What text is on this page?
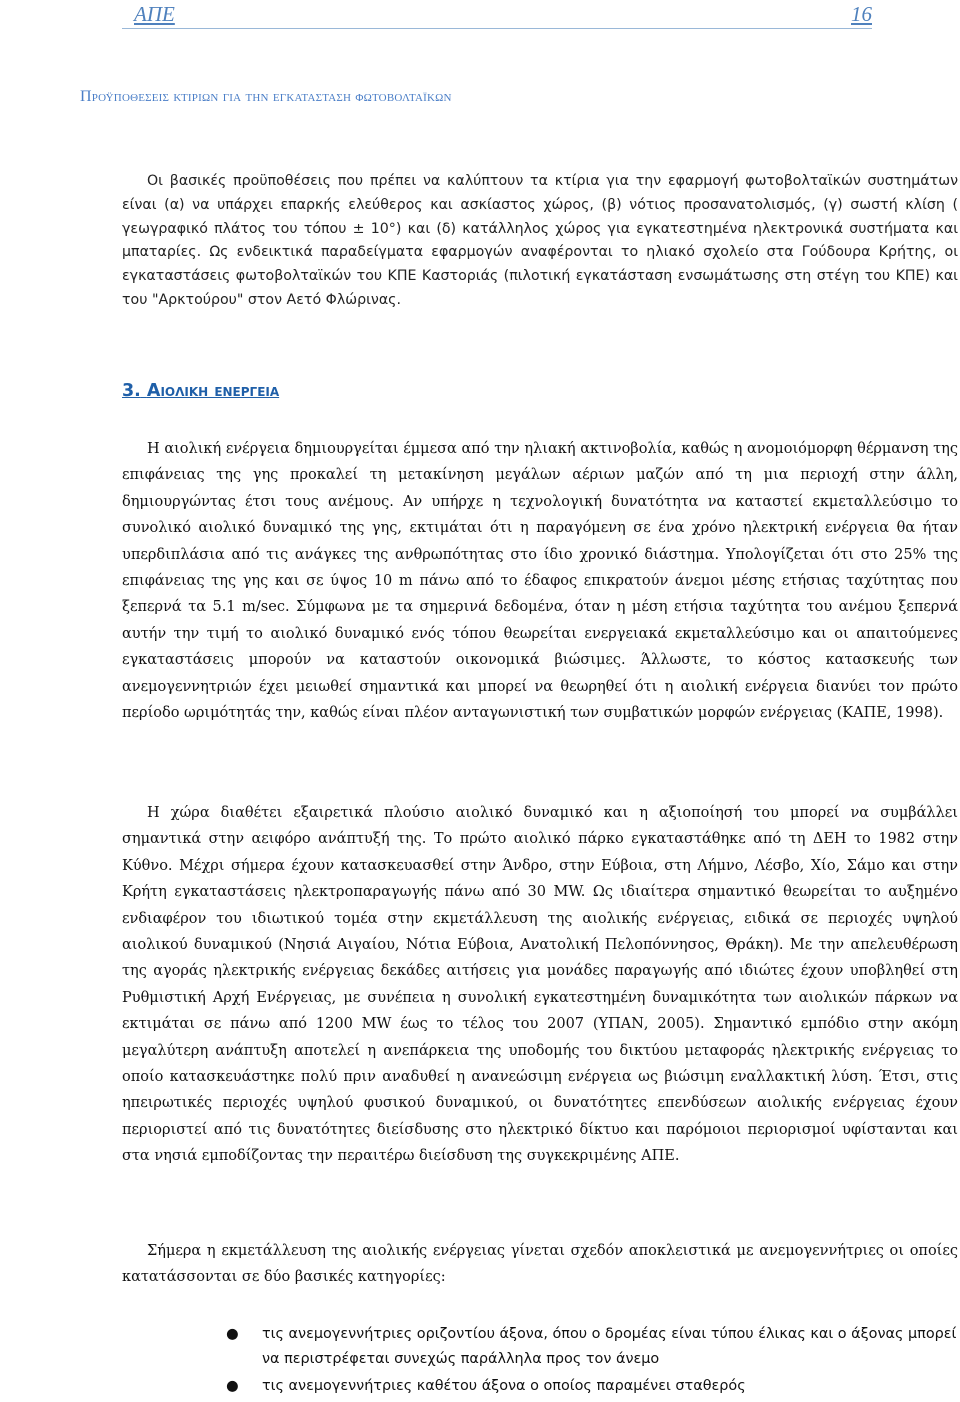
ΑΠΕ	16
Προϋποθεσεισ κτιριων για την εγκατασταση φωτοβολταϊκων

Οι βασικές προϋποθέσεις που πρέπει να καλύπτουν τα κτίρια για την εφαρμογή φωτοβολταϊκών συστημάτων είναι (α) να υπάρχει επαρκής ελεύθερος και ασκίαστος χώρος, (β) νότιος προσανατολισμός, (γ) σωστή κλίση ( γεωγραφικό πλάτος του τόπου ± 10°) και (δ) κατάλληλος χώρος για εγκατεστημένα ηλεκτρονικά συστήματα και μπαταρίες. Ως ενδεικτικά παραδείγματα εφαρμογών αναφέρονται το ηλιακό σχολείο στα Γούδουρα Κρήτης, οι εγκαταστάσεις φωτοβολταϊκών του ΚΠΕ Καστοριάς (πιλοτική εγκατάσταση ενσωμάτωσης στη στέγη του ΚΠΕ) και του "Αρκτούρου" στον Αετό Φλώρινας.

3. Αιολικη ενεργεια

Η αιολική ενέργεια δημιουργείται έμμεσα από την ηλιακή ακτινοβολία, καθώς η ανομοιόμορφη θέρμανση της επιφάνειας της γης προκαλεί τη μετακίνηση μεγάλων αέριων μαζών από τη μια περιοχή στην άλλη, δημιουργώντας έτσι τους ανέμους. Αν υπήρχε η τεχνολογική δυνατότητα να καταστεί εκμεταλλεύσιμο το συνολικό αιολικό δυναμικό της γης, εκτιμάται ότι η παραγόμενη σε ένα χρόνο ηλεκτρική ενέργεια θα ήταν υπερδιπλάσια από τις ανάγκες της ανθρωπότητας στο ίδιο χρονικό διάστημα. Υπολογίζεται ότι στο 25% της επιφάνειας της γης και σε ύψος 10 m πάνω από το έδαφος επικρατούν άνεμοι μέσης ετήσιας ταχύτητας που ξεπερνά τα 5.1 m/sec. Σύμφωνα με τα σημερινά δεδομένα, όταν η μέση ετήσια ταχύτητα του ανέμου ξεπερνά αυτήν την τιμή το αιολικό δυναμικό ενός τόπου θεωρείται ενεργειακά εκμεταλλεύσιμο και οι απαιτούμενες εγκαταστάσεις μπορούν να καταστούν οικονομικά βιώσιμες. Άλλωστε, το κόστος κατασκευής των ανεμογεννητριών έχει μειωθεί σημαντικά και μπορεί να θεωρηθεί ότι η αιολική ενέργεια διανύει τον πρώτο περίοδο ωριμότητάς την, καθώς είναι πλέον ανταγωνιστική των συμβατικών μορφών ενέργειας (ΚΑΠΕ, 1998).

Η χώρα διαθέτει εξαιρετικά πλούσιο αιολικό δυναμικό και η αξιοποίησή του μπορεί να συμβάλλει σημαντικά στην αειφόρο ανάπτυξή της. Το πρώτο αιολικό πάρκο εγκαταστάθηκε από τη ΔΕΗ το 1982 στην Κύθνο. Μέχρι σήμερα έχουν κατασκευασθεί στην Άνδρο, στην Εύβοια, στη Λήμνο, Λέσβο, Χίο, Σάμο και στην Κρήτη εγκαταστάσεις ηλεκτροπαραγωγής πάνω από 30 MW. Ως ιδιαίτερα σημαντικό θεωρείται το αυξημένο ενδιαφέρον του ιδιωτικού τομέα στην εκμετάλλευση της αιολικής ενέργειας, ειδικά σε περιοχές υψηλού αιολικού δυναμικού (Νησιά Αιγαίου, Νότια Εύβοια, Ανατολική Πελοπόννησος, Θράκη). Με την απελευθέρωση της αγοράς ηλεκτρικής ενέργειας δεκάδες αιτήσεις για μονάδες παραγωγής από ιδιώτες έχουν υποβληθεί στη Ρυθμιστική Αρχή Ενέργειας, με συνέπεια η συνολική εγκατεστημένη δυναμικότητα των αιολικών πάρκων να εκτιμάται σε πάνω από 1200 MW έως το τέλος του 2007 (ΥΠΑΝ, 2005). Σημαντικό εμπόδιο στην ακόμη μεγαλύτερη ανάπτυξη αποτελεί η ανεπάρκεια της υποδομής του δικτύου μεταφοράς ηλεκτρικής ενέργειας το οποίο κατασκευάστηκε πολύ πριν αναδυθεί η ανανεώσιμη ενέργεια ως βιώσιμη εναλλακτική λύση. Έτσι, στις ηπειρωτικές περιοχές υψηλού φυσικού δυναμικού, οι δυνατότητες επενδύσεων αιολικής ενέργειας έχουν περιοριστεί από τις δυνατότητες διείσδυσης στο ηλεκτρικό δίκτυο και παρόμοιοι περιορισμοί υφίστανται και στα νησιά εμποδίζοντας την περαιτέρω διείσδυση της συγκεκριμένης ΑΠΕ.

Σήμερα η εκμετάλλευση της αιολικής ενέργειας γίνεται σχεδόν αποκλειστικά με ανεμογεννήτριες οι οποίες κατατάσσονται σε δύο βασικές κατηγορίες:

● τις ανεμογεννήτριες οριζοντίου άξονα, όπου ο δρομέας είναι τύπου έλικας και ο άξονας μπορεί να περιστρέφεται συνεχώς παράλληλα προς τον άνεμο
● τις ανεμογεννήτριες καθέτου άξονα ο οποίος παραμένει σταθερός
